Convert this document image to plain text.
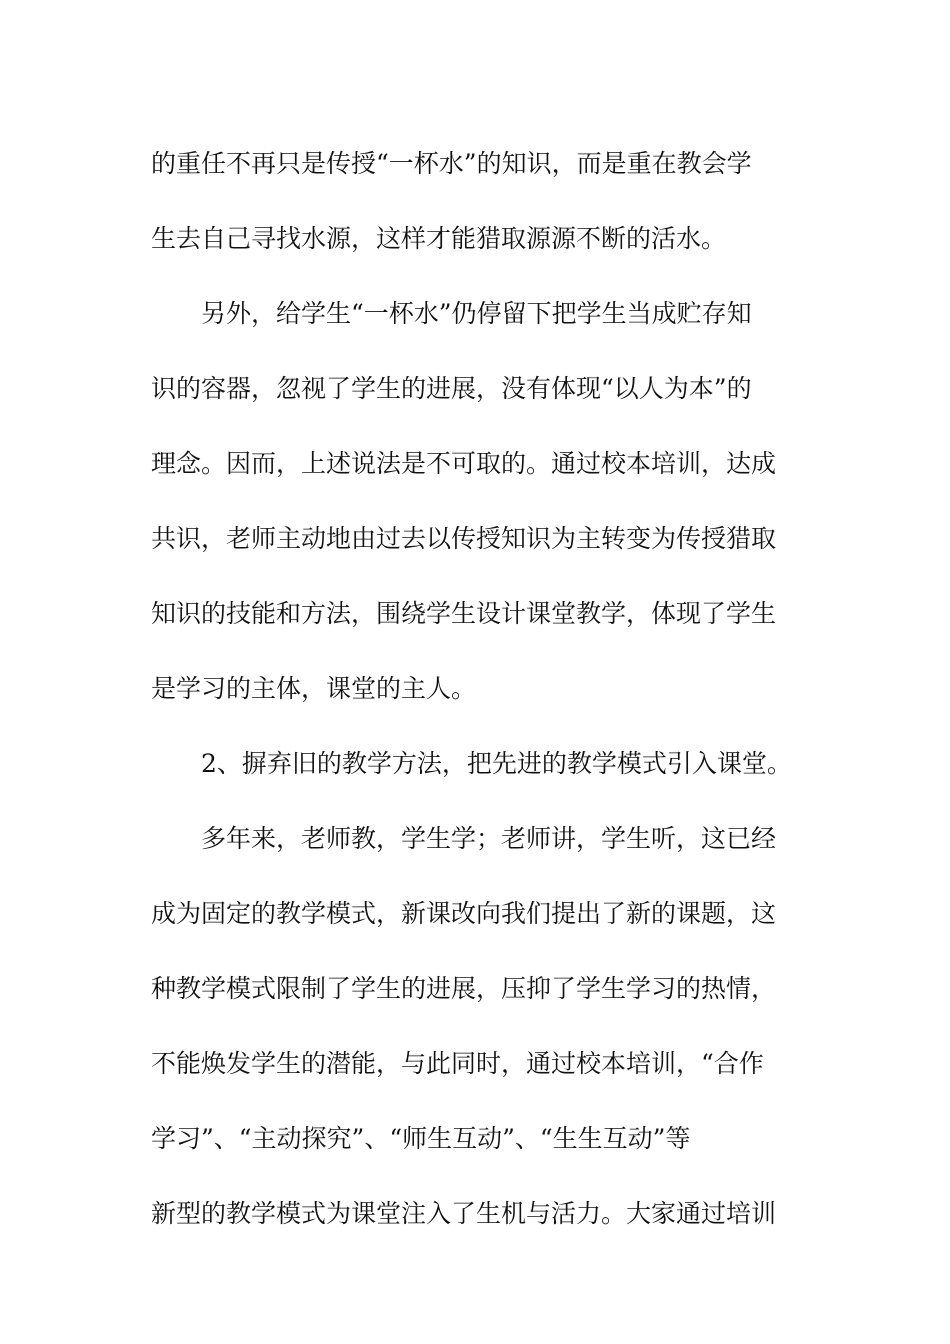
的重任不再只是传授“一杯水”的知识，而是重在教会学
生去自己寻找水源，这样才能猎取源源不断的活水。
另外，给学生“一杯水”仍停留下把学生当成贮存知
识的容器，忽视了学生的进展，没有体现“以人为本”的
理念。因而，上述说法是不可取的。通过校本培训，达成
共识，老师主动地由过去以传授知识为主转变为传授猎取
知识的技能和方法，围绕学生设计课堂教学，体现了学生
是学习的主体，课堂的主人。
2、摒弃旧的教学方法，把先进的教学模式引入课堂。
多年来，老师教，学生学；老师讲，学生听，这已经
成为固定的教学模式，新课改向我们提出了新的课题，这
种教学模式限制了学生的进展，压抑了学生学习的热情，
不能焕发学生的潜能，与此同时，通过校本培训，“合作
学习”、“主动探究”、“师生互动”、“生生互动”等
新型的教学模式为课堂注入了生机与活力。大家通过培训
